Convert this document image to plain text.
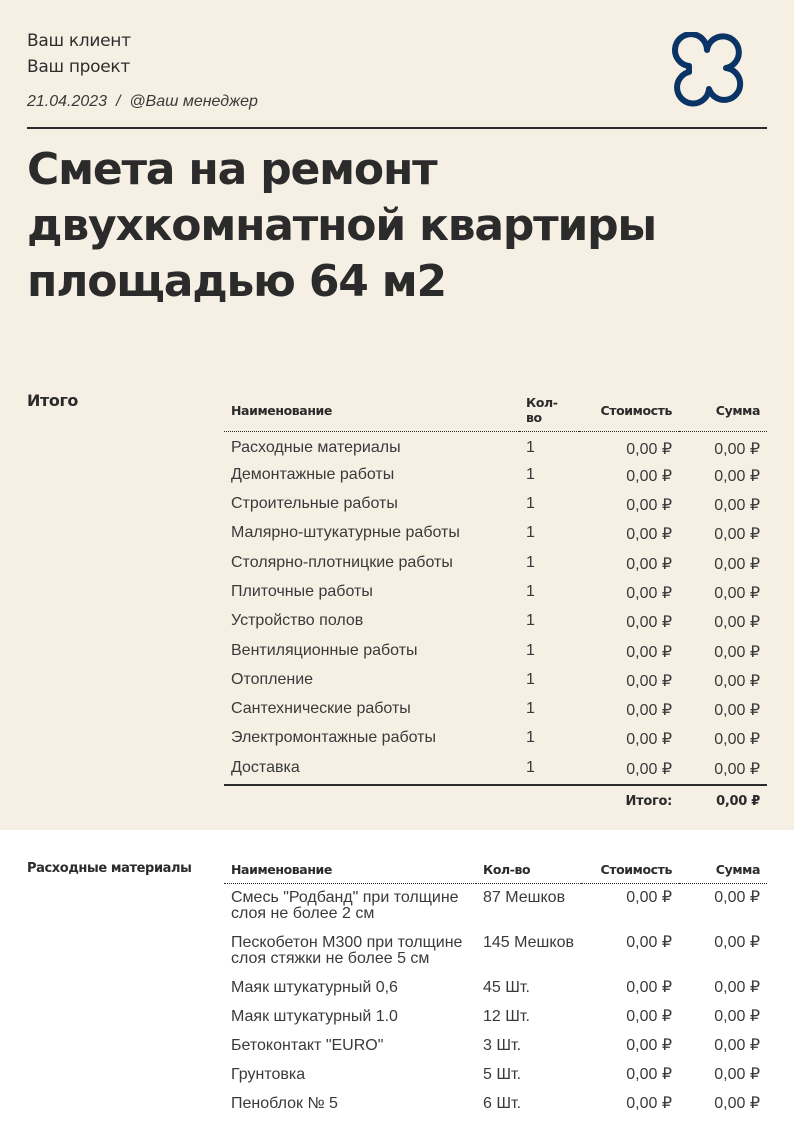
Ваш клиент
Ваш проект
21.04.2023 / @Ваш менеджер
Смета на ремонт двухкомнатной квартиры площадью 64 м2
Итого	Наименование	Кол-во	Стоимость	Сумма
Расходные материалы	1	0,00 ₽	0,00 ₽
Демонтажные работы	1	0,00 ₽	0,00 ₽
Строительные работы	1	0,00 ₽	0,00 ₽
Малярно-штукатурные работы	1	0,00 ₽	0,00 ₽
Столярно-плотницкие работы	1	0,00 ₽	0,00 ₽
Плиточные работы	1	0,00 ₽	0,00 ₽
Устройство полов	1	0,00 ₽	0,00 ₽
Вентиляционные работы	1	0,00 ₽	0,00 ₽
Отопление	1	0,00 ₽	0,00 ₽
Сантехнические работы	1	0,00 ₽	0,00 ₽
Электромонтажные работы	1	0,00 ₽	0,00 ₽
Доставка	1	0,00 ₽	0,00 ₽
		Итого:	0,00 ₽
Расходные материалы	Наименование	Кол-во	Стоимость	Сумма
Смесь "Родбанд" при толщине слоя не более 2 см	87 Мешков	0,00 ₽	0,00 ₽
Пескобетон М300 при толщине слоя стяжки не более 5 см	145 Мешков	0,00 ₽	0,00 ₽
Маяк штукатурный 0,6	45 Шт.	0,00 ₽	0,00 ₽
Маяк штукатурный 1.0	12 Шт.	0,00 ₽	0,00 ₽
Бетоконтакт "EURO"	3 Шт.	0,00 ₽	0,00 ₽
Грунтовка	5 Шт.	0,00 ₽	0,00 ₽
Пеноблок № 5	6 Шт.	0,00 ₽	0,00 ₽
